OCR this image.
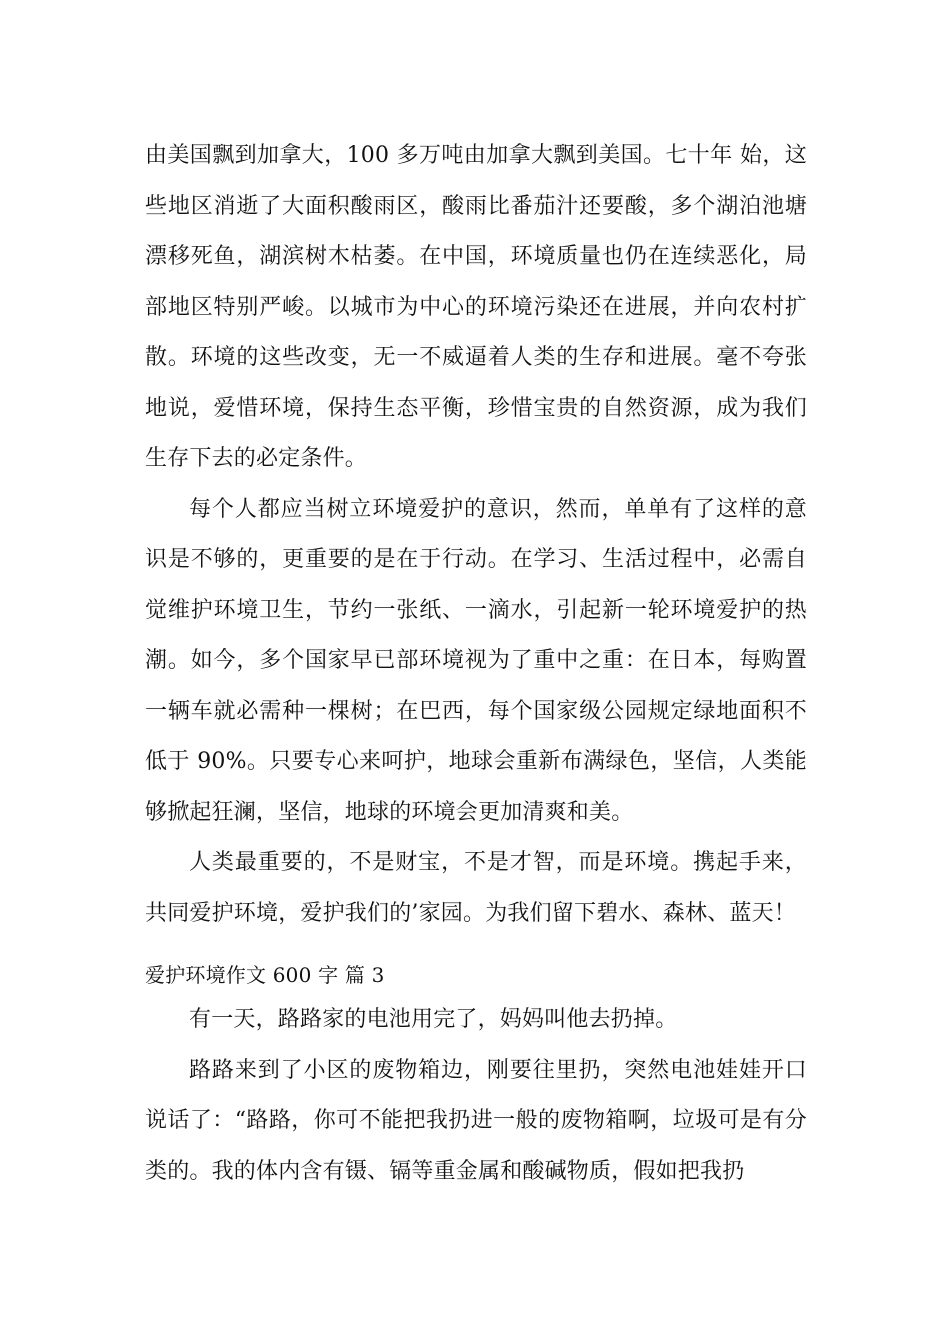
由美国飘到加拿大，100 多万吨由加拿大飘到美国。七十年 始，这些地区消逝了大面积酸雨区，酸雨比番茄汁还要酸，多个湖泊池塘漂移死鱼，湖滨树木枯萎。在中国，环境质量也仍在连续恶化，局部地区特别严峻。以城市为中心的环境污染还在进展，并向农村扩散。环境的这些改变，无一不威逼着人类的生存和进展。毫不夸张地说，爱惜环境，保持生态平衡，珍惜宝贵的自然资源，成为我们生存下去的必定条件。

每个人都应当树立环境爱护的意识，然而，单单有了这样的意识是不够的，更重要的是在于行动。在学习、生活过程中，必需自觉维护环境卫生，节约一张纸、一滴水，引起新一轮环境爱护的热潮。如今，多个国家早已部环境视为了重中之重：在日本，每购置一辆车就必需种一棵树；在巴西，每个国家级公园规定绿地面积不低于 90%。只要专心来呵护，地球会重新布满绿色，坚信，人类能够掀起狂澜，坚信，地球的环境会更加清爽和美。

人类最重要的，不是财宝，不是才智，而是环境。携起手来，共同爱护环境，爱护我们的’家园。为我们留下碧水、森林、蓝天！

爱护环境作文 600 字 篇 3

有一天，路路家的电池用完了，妈妈叫他去扔掉。

路路来到了小区的废物箱边，刚要往里扔，突然电池娃娃开口说话了：“路路，你可不能把我扔进一般的废物箱啊，垃圾可是有分类的。我的体内含有镊、镉等重金属和酸碱物质，假如把我扔
